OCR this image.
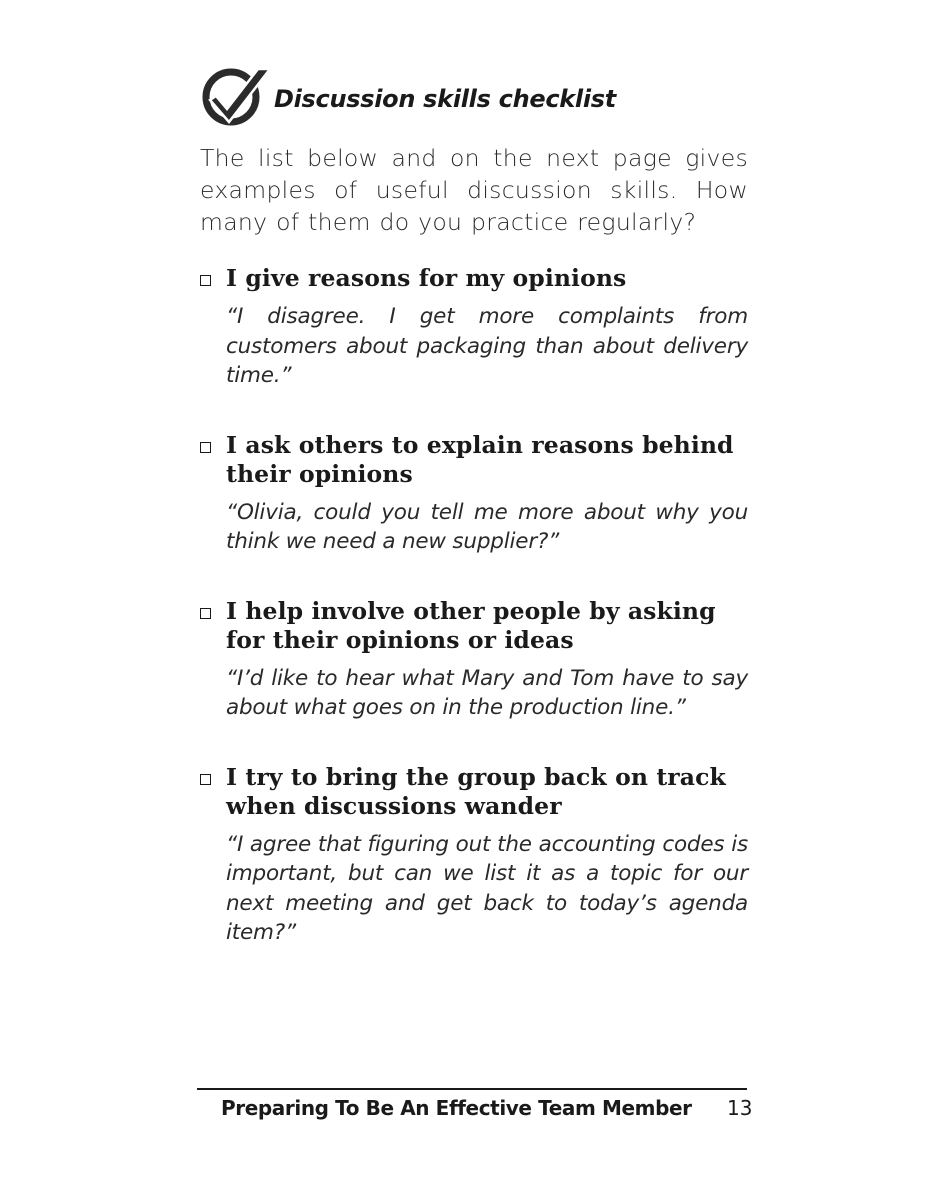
Discussion skills checklist
The list below and on the next page gives examples of useful discussion skills. How many of them do you practice regularly?
I give reasons for my opinions
“I disagree. I get more complaints from customers about packaging than about delivery time.”
I ask others to explain reasons behind their opinions
“Olivia, could you tell me more about why you think we need a new supplier?”
I help involve other people by asking for their opinions or ideas
“I’d like to hear what Mary and Tom have to say about what goes on in the production line.”
I try to bring the group back on track when discussions wander
“I agree that figuring out the accounting codes is important, but can we list it as a topic for our next meeting and get back to today’s agenda item?”
Preparing To Be An Effective Team Member 13
